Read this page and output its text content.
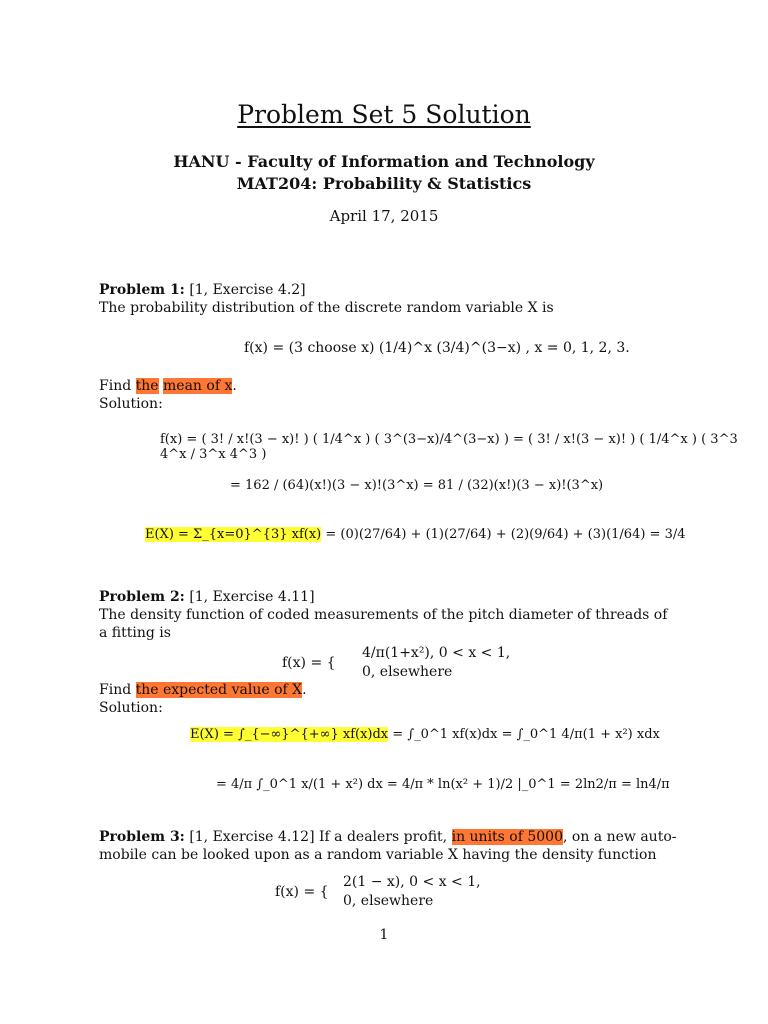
Problem Set 5 Solution
HANU - Faculty of Information and Technology
MAT204: Probability & Statistics
April 17, 2015
Problem 1: [1, Exercise 4.2]
The probability distribution of the discrete random variable X is
f(x) = (3 choose x) (1/4)^x (3/4)^(3−x) , x = 0, 1, 2, 3.
Find the mean of x.
Solution:
f(x) = ( 3! / x!(3 − x)! ) ( 1/4^x ) ( 3^(3−x)/4^(3−x) ) = ( 3! / x!(3 − x)! ) ( 1/4^x ) ( 3^3 4^x / 3^x 4^3 )
= 162 / (64)(x!)(3 − x)!(3^x) = 81 / (32)(x!)(3 − x)!(3^x)
E(X) = Σ_{x=0}^{3} xf(x) = (0)(27/64) + (1)(27/64) + (2)(9/64) + (3)(1/64) = 3/4
Problem 2: [1, Exercise 4.11]
The density function of coded measurements of the pitch diameter of threads of a fitting is
f(x) = {
4/π(1+x²), 0 < x < 1,
0, elsewhere
Find the expected value of X.
Solution:
E(X) = ∫_{−∞}^{+∞} xf(x)dx = ∫_0^1 xf(x)dx = ∫_0^1 4/π(1 + x²) xdx
= 4/π ∫_0^1 x/(1 + x²) dx = 4/π * ln(x² + 1)/2 |_0^1 = 2ln2/π = ln4/π
Problem 3: [1, Exercise 4.12] If a dealers profit, in units of 5000, on a new auto-mobile can be looked upon as a random variable X having the density function
f(x) = {
2(1 − x), 0 < x < 1,
0, elsewhere
1
